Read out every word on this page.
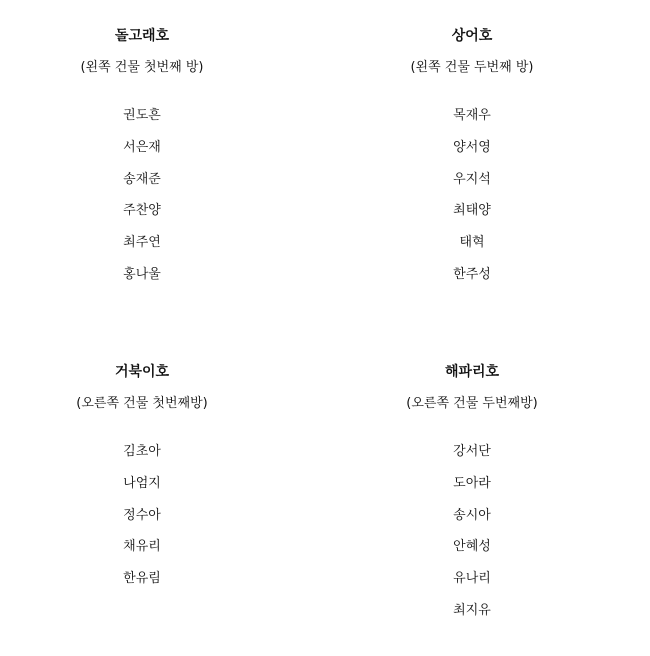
돌고래호
(왼쪽 건물 첫번째 방)
권도흔
서은재
송재준
주찬양
최주연
홍나울
상어호
(왼쪽 건물 두번째 방)
목재우
양서영
우지석
최태양
태혁
한주성
거북이호
(오른쪽 건물 첫번째방)
김초아
나엄지
정수아
채유리
한유림
해파리호
(오른쪽 건물 두번째방)
강서단
도아라
송시아
안혜성
유나리
최지유
